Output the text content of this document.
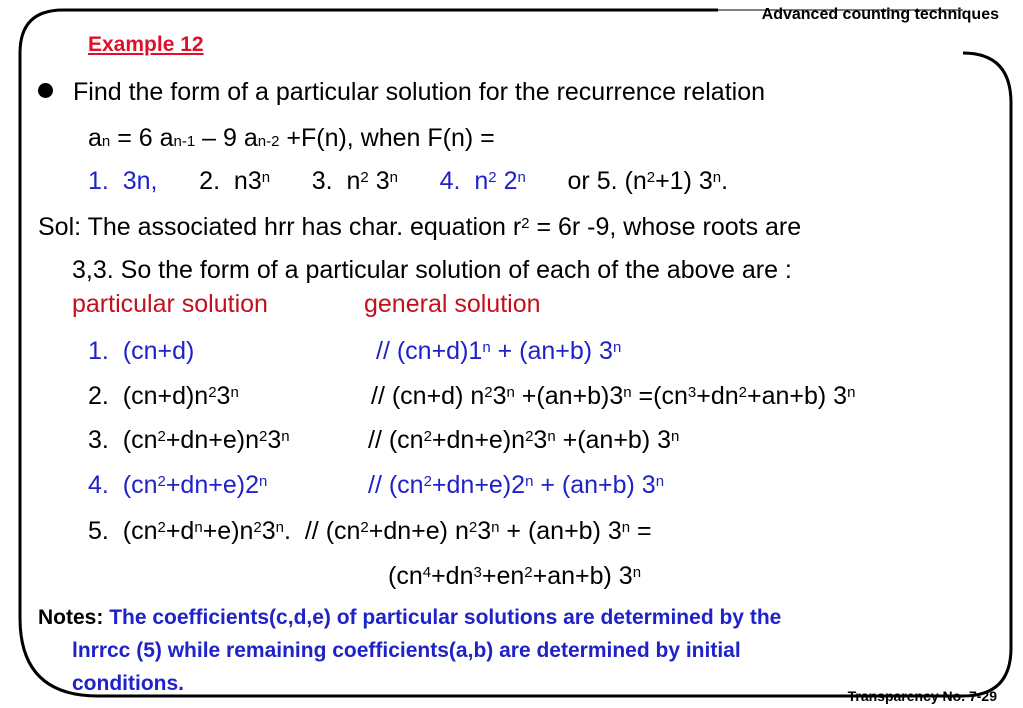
Advanced counting techniques
Example 12
Find the form of a particular solution for the recurrence relation
$a_n = 6$ $a_{n-1} - 9$ $a_{n-2} +F(n)$, when F(n) =
1.  3n,      2.  n3$^n$      3.  $n^2$ 3$^n$ 4.  $n^2$ 2$^n$      or 5. $(n^2+1)$ 3$^n$.
Sol: The associated hrr has char. equation $r^2 = 6r$ -9, whose roots are
3,3. So the form of a particular solution of each of the above are :
particular solution	general solution
1.  (cn+d)	// $(cn+d)1^n + (an+b)$ 3$^n$
2.  $(cn+d)n^23^n$	// (cn+d) $n^23^n +(an+b)3^n =(cn^3+dn^2+an+b)$ 3$^n$
3.  $(cn^2+dn+e)n^23^n$	// $(cn^2+dn+e)n^23^n +(an+b)$ 3$^n$
4.  $(cn^2+dn+e)2^n$	// $(cn^2+dn+e)2^n + (an+b)$ 3$^n$
5.  $(cn^2+d^n+e)n^23^n$.  // $(cn^2+dn+e) n^23^n + (an+b) 3^n$ =
$(cn^4+dn^3+en^2+an+b)$ 3$^n$
Notes: The coefficients(c,d,e) of particular solutions are determined by the
lnrrcc (5) while remaining coefficients(a,b) are determined by initial
conditions.
Transparency No. 7-29
